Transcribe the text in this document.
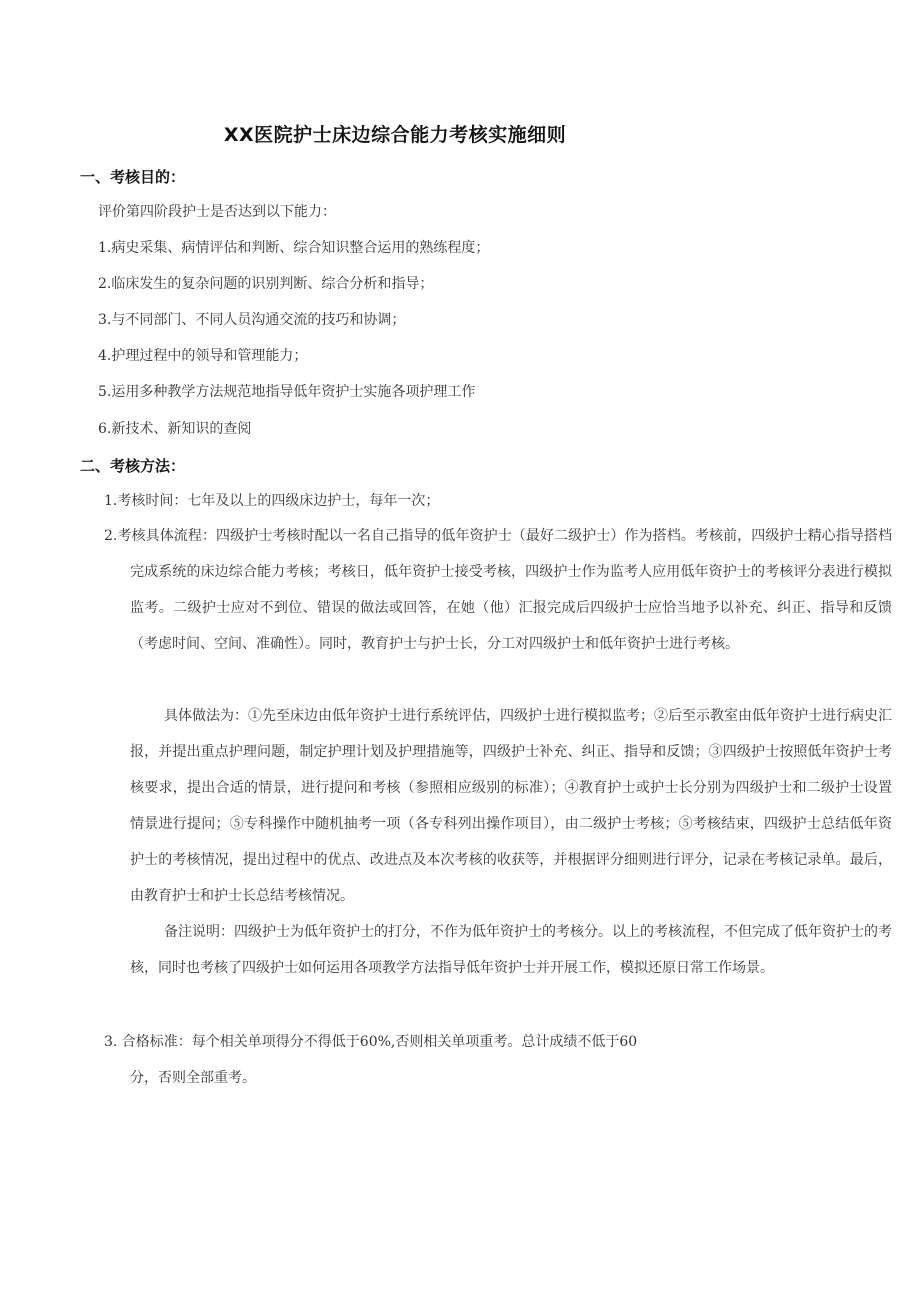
XX医院护士床边综合能力考核实施细则
一、考核目的：
评价第四阶段护士是否达到以下能力：
1.病史采集、病情评估和判断、综合知识整合运用的熟练程度；
2.临床发生的复杂问题的识别判断、综合分析和指导；
3.与不同部门、不同人员沟通交流的技巧和协调；
4.护理过程中的领导和管理能力；
5.运用多种教学方法规范地指导低年资护士实施各项护理工作
6.新技术、新知识的查阅
二、考核方法：
1.考核时间：七年及以上的四级床边护士，每年一次；
2.考核具体流程：四级护士考核时配以一名自己指导的低年资护士（最好二级护士）作为搭档。考核前，四级护士精心指导搭档完成系统的床边综合能力考核；考核日，低年资护士接受考核，四级护士作为监考人应用低年资护士的考核评分表进行模拟监考。二级护士应对不到位、错误的做法或回答，在她（他）汇报完成后四级护士应恰当地予以补充、纠正、指导和反馈（考虑时间、空间、准确性）。同时，教育护士与护士长，分工对四级护士和低年资护士进行考核。
具体做法为：①先至床边由低年资护士进行系统评估，四级护士进行模拟监考；②后至示教室由低年资护士进行病史汇报，并提出重点护理问题，制定护理计划及护理措施等，四级护士补充、纠正、指导和反馈；③四级护士按照低年资护士考核要求，提出合适的情景，进行提问和考核（参照相应级别的标准）；④教育护士或护士长分别为四级护士和二级护士设置情景进行提问；⑤专科操作中随机抽考一项（各专科列出操作项目），由二级护士考核；⑤考核结束，四级护士总结低年资护士的考核情况，提出过程中的优点、改进点及本次考核的收获等，并根据评分细则进行评分，记录在考核记录单。最后，由教育护士和护士长总结考核情况。
备注说明：四级护士为低年资护士的打分，不作为低年资护士的考核分。以上的考核流程，不但完成了低年资护士的考核，同时也考核了四级护士如何运用各项教学方法指导低年资护士并开展工作，模拟还原日常工作场景。
3. 合格标准：每个相关单项得分不得低于60%,否则相关单项重考。总计成绩不低于60
分，否则全部重考。
